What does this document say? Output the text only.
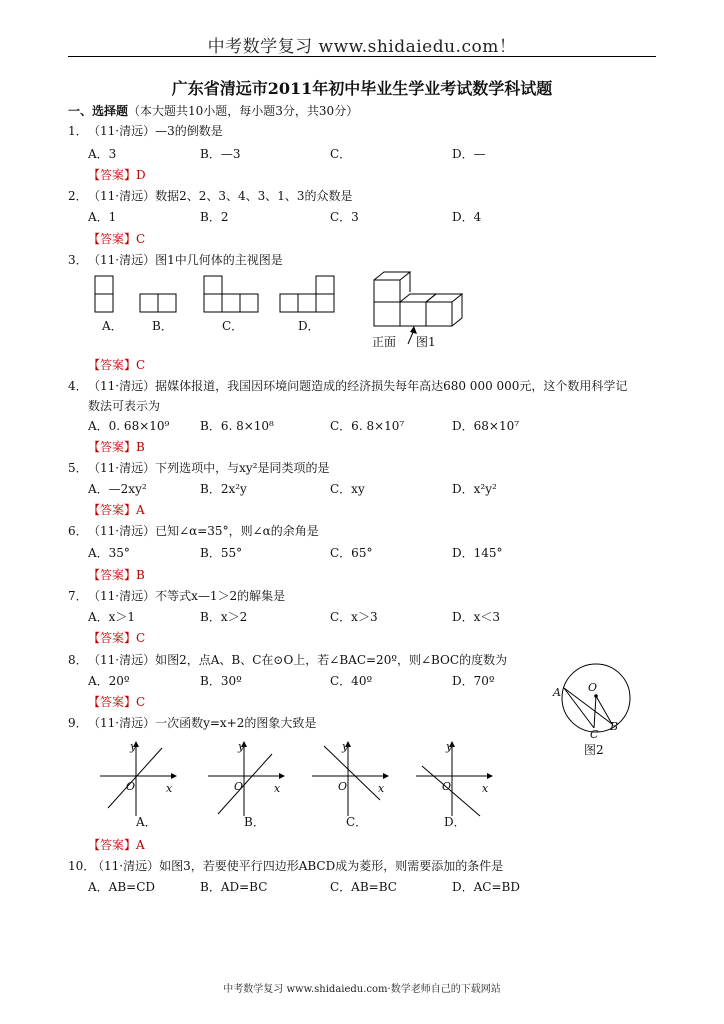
中考数学复习 www.shidaiedu.com！
广东省清远市2011年初中毕业生学业考试数学科试题
一、选择题（本大题共10小题，每小题3分，共30分）
1． （11·清远）—3的倒数是
A．3	B．—3	C．	D．—
【答案】D
2． （11·清远）数据2、2、3、4、3、1、3的众数是
A．1	B．2	C．3	D．4
【答案】C
3． （11·清远）图1中几何体的主视图是
A． B．	C．	D．
正面 图1
【答案】C
4． （11·清远）据媒体报道，我国因环境问题造成的经济损失每年高达680 000 000元，这个数用科学记
数法可表示为
A．0. 68×10⁹	B．6. 8×10⁸	C．6. 8×10⁷	D．68×10⁷
【答案】B
5． （11·清远）下列选项中，与xy²是同类项的是
A．—2xy²	B．2x²y	C．xy	D．x²y²
【答案】A
6． （11·清远）已知∠α=35°，则∠α的余角是
A．35°	B．55°	C．65°	D．145°
【答案】B
7． （11·清远）不等式x—1＞2的解集是
A．x＞1	B．x＞2	C．x＞3	D．x＜3
【答案】C
8． （11·清远）如图2，点A、B、C在⊙O上，若∠BAC=20º，则∠BOC的度数为
A．20º	B．30º	C．40º	D．70º
【答案】C
A O
B
C
图2
9． （11·清远）一次函数y=x+2的图象大致是
y
O	x
y
O	x
y
O	x
y
O	x
A．	B．	C．	D．
【答案】A
10．
（11·清远）如图3，若要使平行四边形ABCD成为菱形，则需要添加的条件是
A．AB=CD	B．AD=BC	C．AB=BC	D．AC=BD
中考数学复习 www.shidaiedu.com·数学老师自己的下载网站
